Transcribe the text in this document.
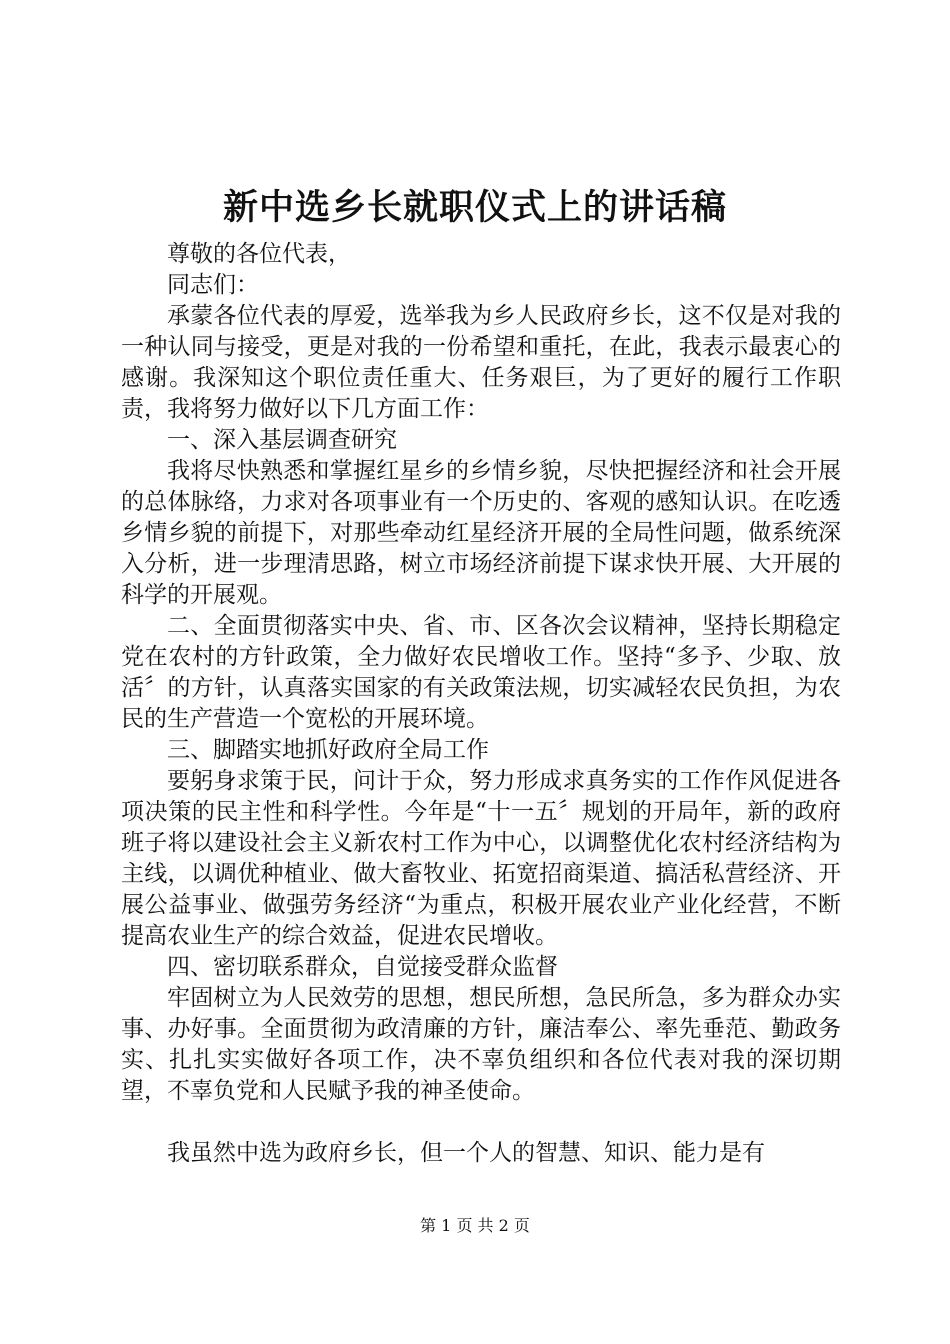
新中选乡长就职仪式上的讲话稿

尊敬的各位代表，

同志们：

承蒙各位代表的厚爱，选举我为乡人民政府乡长，这不仅是对我的一种认同与接受，更是对我的一份希望和重托，在此，我表示最衷心的感谢。我深知这个职位责任重大、任务艰巨，为了更好的履行工作职责，我将努力做好以下几方面工作：

一、深入基层调查研究

我将尽快熟悉和掌握红星乡的乡情乡貌，尽快把握经济和社会开展的总体脉络，力求对各项事业有一个历史的、客观的感知认识。在吃透乡情乡貌的前提下，对那些牵动红星经济开展的全局性问题，做系统深入分析，进一步理清思路，树立市场经济前提下谋求快开展、大开展的科学的开展观。

二、全面贯彻落实中央、省、市、区各次会议精神，坚持长期稳定党在农村的方针政策，全力做好农民增收工作。坚持“多予、少取、放活〞的方针，认真落实国家的有关政策法规，切实减轻农民负担，为农民的生产营造一个宽松的开展环境。

三、脚踏实地抓好政府全局工作

要躬身求策于民，问计于众，努力形成求真务实的工作作风促进各项决策的民主性和科学性。今年是“十一五〞规划的开局年，新的政府班子将以建设社会主义新农村工作为中心，以调整优化农村经济结构为主线，以调优种植业、做大畜牧业、拓宽招商渠道、搞活私营经济、开展公益事业、做强劳务经济“为重点，积极开展农业产业化经营，不断提高农业生产的综合效益，促进农民增收。

四、密切联系群众，自觉接受群众监督

牢固树立为人民效劳的思想，想民所想，急民所急，多为群众办实事、办好事。全面贯彻为政清廉的方针，廉洁奉公、率先垂范、勤政务实、扎扎实实做好各项工作，决不辜负组织和各位代表对我的深切期望，不辜负党和人民赋予我的神圣使命。

我虽然中选为政府乡长，但一个人的智慧、知识、能力是有

第 1 页 共 2 页
